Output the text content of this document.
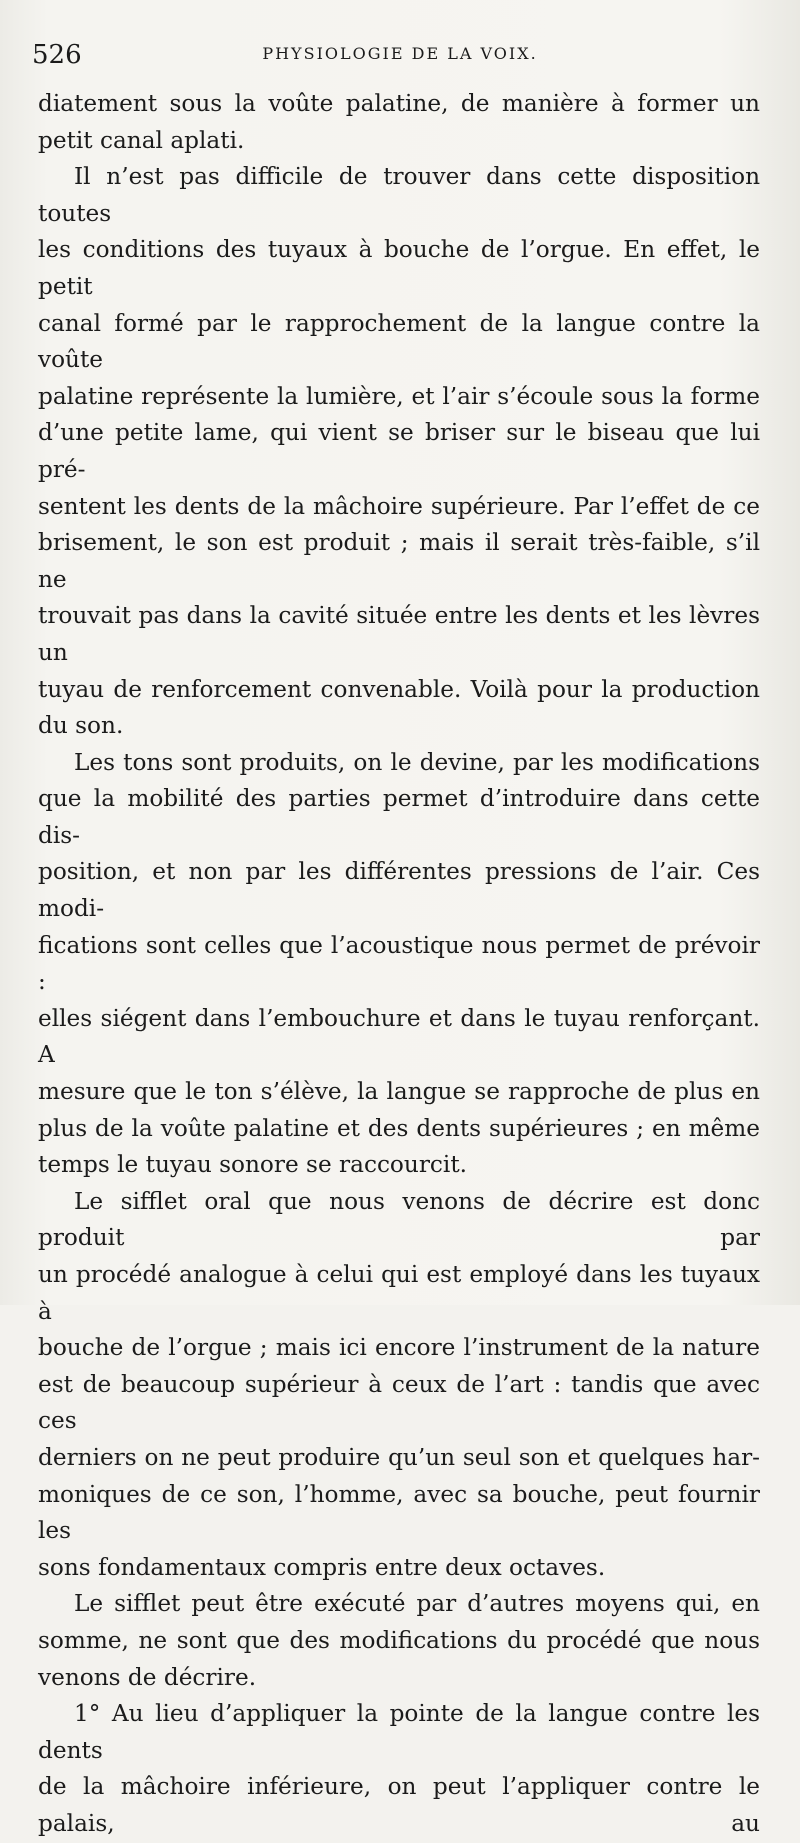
526	PHYSIOLOGIE DE LA VOIX.

diatement sous la voûte palatine, de manière à former un

petit canal aplati.

Il n’est pas difficile de trouver dans cette disposition toutes

les conditions des tuyaux à bouche de l’orgue. En effet, le petit

canal formé par le rapprochement de la langue contre la voûte

palatine représente la lumière, et l’air s’écoule sous la forme

d’une petite lame, qui vient se briser sur le biseau que lui pré-

sentent les dents de la mâchoire supérieure. Par l’effet de ce

brisement, le son est produit ; mais il serait très-faible, s’il ne

trouvait pas dans la cavité située entre les dents et les lèvres un

tuyau de renforcement convenable. Voilà pour la production

du son.

Les tons sont produits, on le devine, par les modifications

que la mobilité des parties permet d’introduire dans cette dis-

position, et non par les différentes pressions de l’air. Ces modi-

fications sont celles que l’acoustique nous permet de prévoir :

elles siégent dans l’embouchure et dans le tuyau renforçant. A

mesure que le ton s’élève, la langue se rapproche de plus en

plus de la voûte palatine et des dents supérieures ; en même

temps le tuyau sonore se raccourcit.

Le sifflet oral que nous venons de décrire est donc produit par

un procédé analogue à celui qui est employé dans les tuyaux à

bouche de l’orgue ; mais ici encore l’instrument de la nature

est de beaucoup supérieur à ceux de l’art : tandis que avec ces

derniers on ne peut produire qu’un seul son et quelques har-

moniques de ce son, l’homme, avec sa bouche, peut fournir les

sons fondamentaux compris entre deux octaves.

Le sifflet peut être exécuté par d’autres moyens qui, en

somme, ne sont que des modifications du procédé que nous

venons de décrire.

1° Au lieu d’appliquer la pointe de la langue contre les dents

de la mâchoire inférieure, on peut l’appliquer contre le palais, au
